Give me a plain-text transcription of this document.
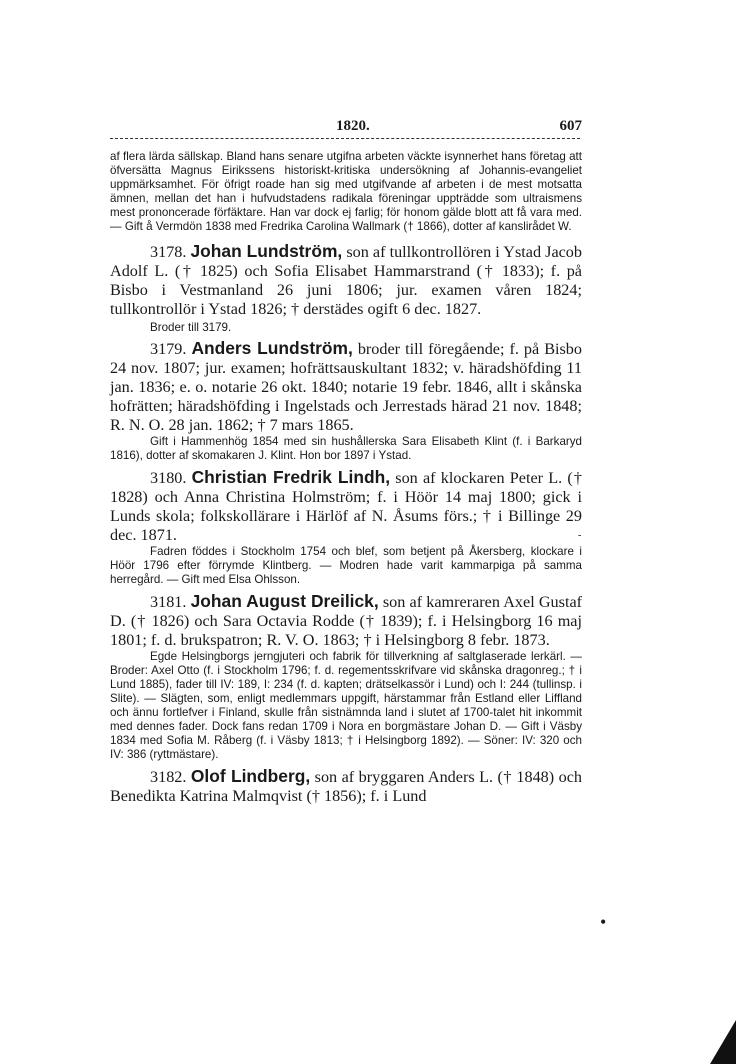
1820.	607
-

af flera lärda sällskap. Bland hans senare utgifna arbeten väckte isynnerhet hans företag att öfversätta Magnus Eirikssens historiskt-kritiska undersökning af Johannis-evangeliet uppmärksamhet. För öfrigt roade han sig med utgifvande af arbeten i de mest motsatta ämnen, mellan det han i hufvudstadens radikala föreningar uppträdde som ultraismens mest prononcerade förfäktare. Han var dock ej farlig; för honom gälde blott att få vara med. — Gift å Vermdön 1838 med Fredrika Carolina Wallmark († 1866), dotter af kanslirådet W.

3178. Johan Lundström, son af tullkontrollören i Ystad Jacob Adolf L. († 1825) och Sofia Elisabet Hammarstrand († 1833); f. på Bisbo i Vestmanland 26 juni 1806; jur. examen våren 1824; tullkontrollör i Ystad 1826; † derstädes ogift 6 dec. 1827.

Broder till 3179.

3179. Anders Lundström, broder till föregående; f. på Bisbo 24 nov. 1807; jur. examen; hofrättsauskultant 1832; v. häradshöfding 11 jan. 1836; e. o. notarie 26 okt. 1840; notarie 19 febr. 1846, allt i skånska hofrätten; häradshöfding i Ingelstads och Jerrestads härad 21 nov. 1848; R. N. O. 28 jan. 1862; † 7 mars 1865.

Gift i Hammenhög 1854 med sin hushållerska Sara Elisabeth Klint (f. i Barkaryd 1816), dotter af skomakaren J. Klint. Hon bor 1897 i Ystad.

3180. Christian Fredrik Lindh, son af klockaren Peter L. († 1828) och Anna Christina Holmström; f. i Höör 14 maj 1800; gick i Lunds skola; folkskollärare i Härlöf af N. Åsums förs.; † i Billinge 29 dec. 1871.

Fadren föddes i Stockholm 1754 och blef, som betjent på Åkersberg, klockare i Höör 1796 efter förrymde Klintberg. — Modren hade varit kammarpiga på samma herregård. — Gift med Elsa Ohlsson.

3181. Johan August Dreilick, son af kamreraren Axel Gustaf D. († 1826) och Sara Octavia Rodde († 1839); f. i Helsingborg 16 maj 1801; f. d. brukspatron; R. V. O. 1863; † i Helsingborg 8 febr. 1873.

Egde Helsingborgs jerngjuteri och fabrik för tillverkning af saltglaserade lerkärl. — Broder: Axel Otto (f. i Stockholm 1796; f. d. regementsskrifvare vid skånska dragonreg.; † i Lund 1885), fader till IV: 189, I: 234 (f. d. kapten; drätselkassör i Lund) och I: 244 (tullinsp. i Slite). — Slägten, som, enligt medlemmars uppgift, härstammar från Estland eller Liffland och ännu fortlefver i Finland, skulle från sistnämnda land i slutet af 1700-talet hit inkommit med dennes fader. Dock fans redan 1709 i Nora en borgmästare Johan D. — Gift i Väsby 1834 med Sofia M. Råberg (f. i Väsby 1813; † i Helsingborg 1892). — Söner: IV: 320 och IV: 386 (ryttmästare).

3182. Olof Lindberg, son af bryggaren Anders L. († 1848) och Benedikta Katrina Malmqvist († 1856); f. i Lund

•
